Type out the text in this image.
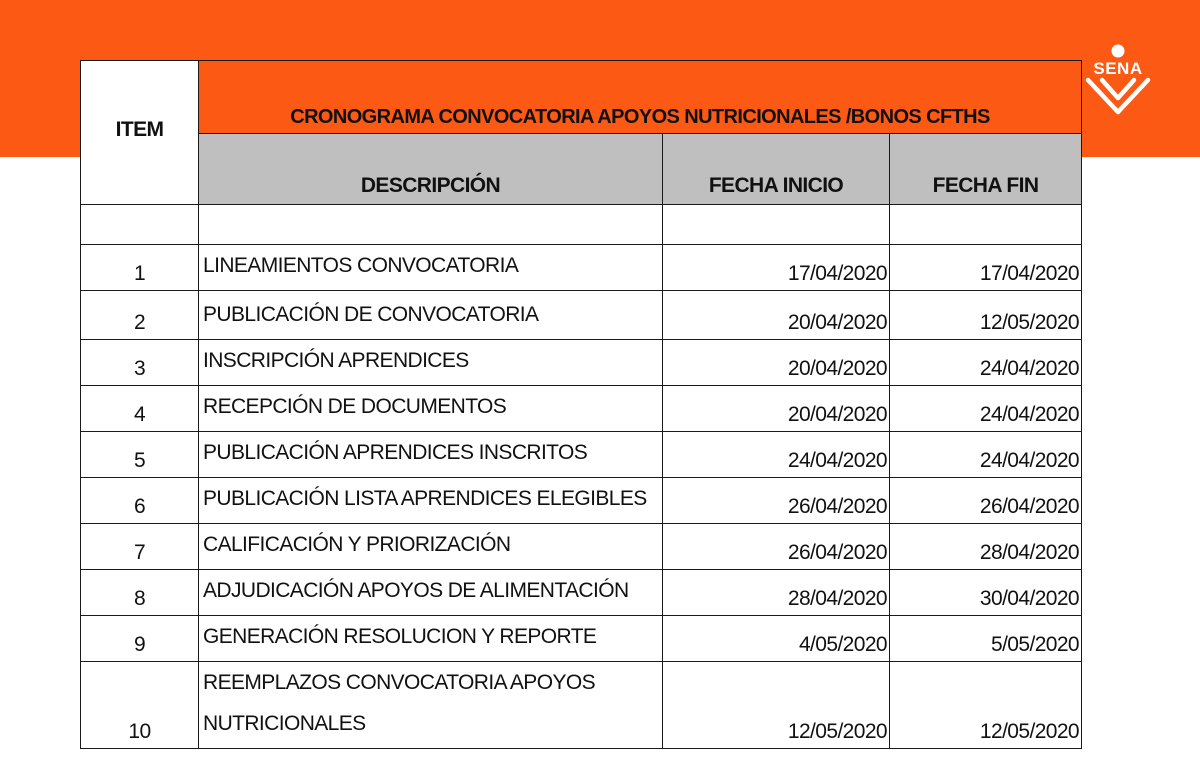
SENA
ITEM	CRONOGRAMA CONVOCATORIA APOYOS NUTRICIONALES /BONOS CFTHS		
	DESCRIPCIÓN	FECHA INICIO	FECHA FIN

1	LINEAMIENTOS CONVOCATORIA	17/04/2020	17/04/2020
2	PUBLICACIÓN DE CONVOCATORIA	20/04/2020	12/05/2020
3	INSCRIPCIÓN APRENDICES	20/04/2020	24/04/2020
4	RECEPCIÓN DE DOCUMENTOS	20/04/2020	24/04/2020
5	PUBLICACIÓN APRENDICES INSCRITOS	24/04/2020	24/04/2020
6	PUBLICACIÓN LISTA APRENDICES ELEGIBLES	26/04/2020	26/04/2020
7	CALIFICACIÓN Y PRIORIZACIÓN	26/04/2020	28/04/2020
8	ADJUDICACIÓN APOYOS DE ALIMENTACIÓN	28/04/2020	30/04/2020
9	GENERACIÓN RESOLUCION Y REPORTE	4/05/2020	5/05/2020
10	REEMPLAZOS CONVOCATORIA APOYOS NUTRICIONALES	12/05/2020	12/05/2020
